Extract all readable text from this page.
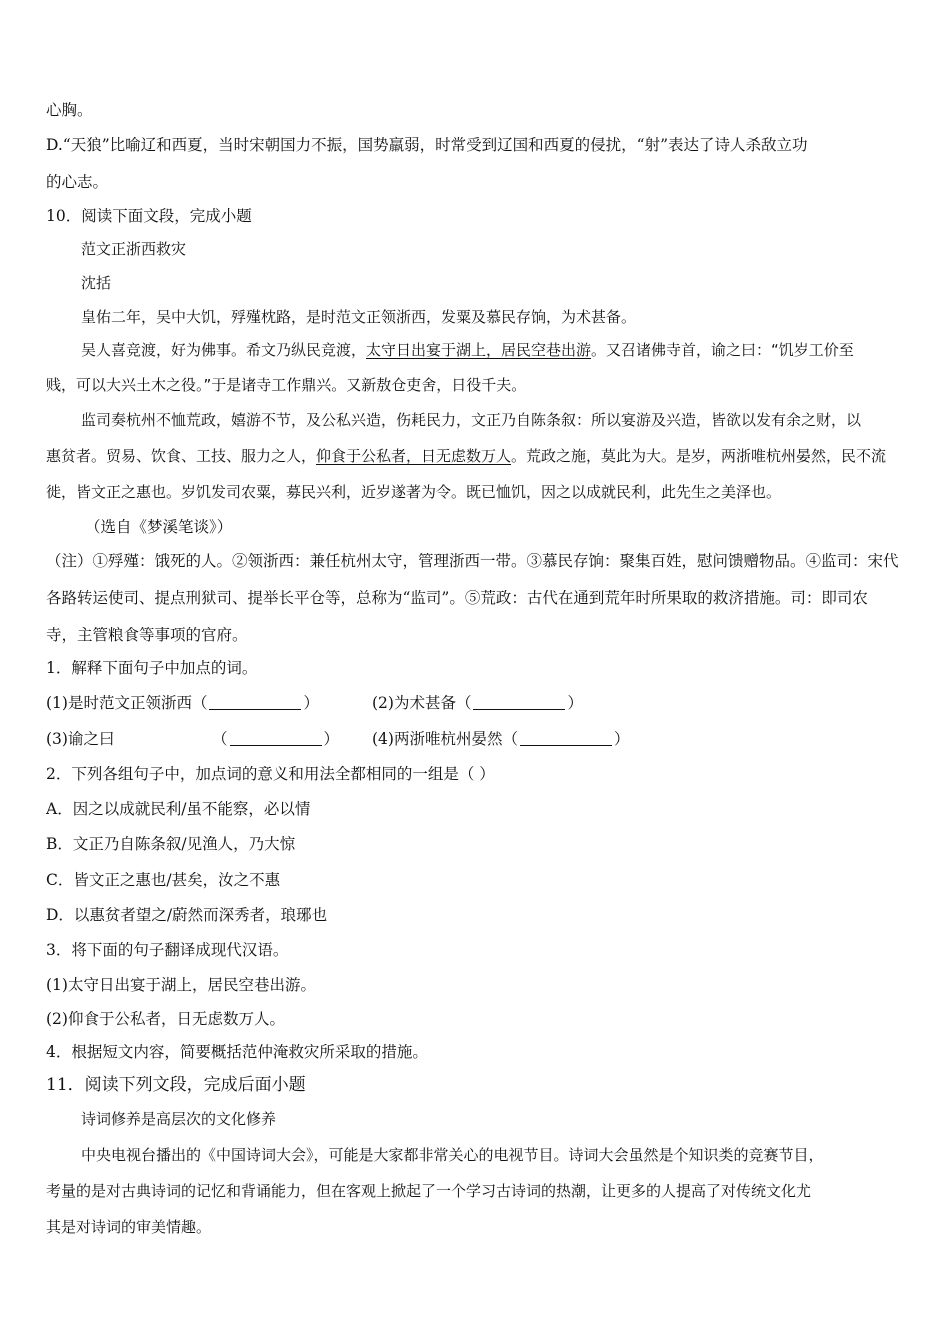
心胸。
D.“天狼”比喻辽和西夏，当时宋朝国力不振，国势羸弱，时常受到辽国和西夏的侵扰，“射”表达了诗人杀敌立功
的心志。
10．阅读下面文段，完成小题
范文正浙西救灾
沈括
皇佑二年，吴中大饥，殍殣枕路，是时范文正领浙西，发粟及慕民存饷，为术甚备。
吴人喜竞渡，好为佛事。希文乃纵民竞渡，太守日出宴于湖上，居民空巷出游。又召诸佛寺首，谕之曰：“饥岁工价至
贱，可以大兴土木之役。”于是诸寺工作鼎兴。又新敖仓吏舍，日役千夫。
监司奏杭州不恤荒政，嬉游不节，及公私兴造，伤耗民力，文正乃自陈条叙：所以宴游及兴造，皆欲以发有余之财，以
惠贫者。贸易、饮食、工技、服力之人，仰食于公私者，日无虑数万人。荒政之施，莫此为大。是岁，两浙唯杭州晏然，民不流
徙，皆文正之惠也。岁饥发司农粟，募民兴利，近岁遂著为令。既已恤饥，因之以成就民利，此先生之美泽也。
（选自《梦溪笔谈》）
（注）①殍殣：饿死的人。②领浙西：兼任杭州太守，管理浙西一带。③慕民存饷：聚集百姓，慰问馈赠物品。④监司：宋代
各路转运使司、提点刑狱司、提举长平仓等，总称为“监司”。⑤荒政：古代在通到荒年时所果取的救济措施。司：即司农
寺，主管粮食等事项的官府。
1．解释下面句子中加点的词。
(1)是时范文正领浙西（	）	(2)为术甚备（	）
(3)谕之曰	（	） (4)两浙唯杭州晏然（	）
2．下列各组句子中，加点词的意义和用法全都相同的一组是（ ）
A．因之以成就民利/虽不能察，必以情
B．文正乃自陈条叙/见渔人，乃大惊
C．皆文正之惠也/甚矣，汝之不惠
D．以惠贫者望之/蔚然而深秀者，琅琊也
3．将下面的句子翻译成现代汉语。
(1)太守日出宴于湖上，居民空巷出游。
(2)仰食于公私者，日无虑数万人。
4．根据短文内容，简要概括范仲淹救灾所采取的措施。
11．阅读下列文段，完成后面小题
诗词修养是高层次的文化修养
中央电视台播出的《中国诗词大会》，可能是大家都非常关心的电视节目。诗词大会虽然是个知识类的竞赛节目，
考量的是对古典诗词的记忆和背诵能力，但在客观上掀起了一个学习古诗词的热潮，让更多的人提高了对传统文化尤
其是对诗词的审美情趣。
